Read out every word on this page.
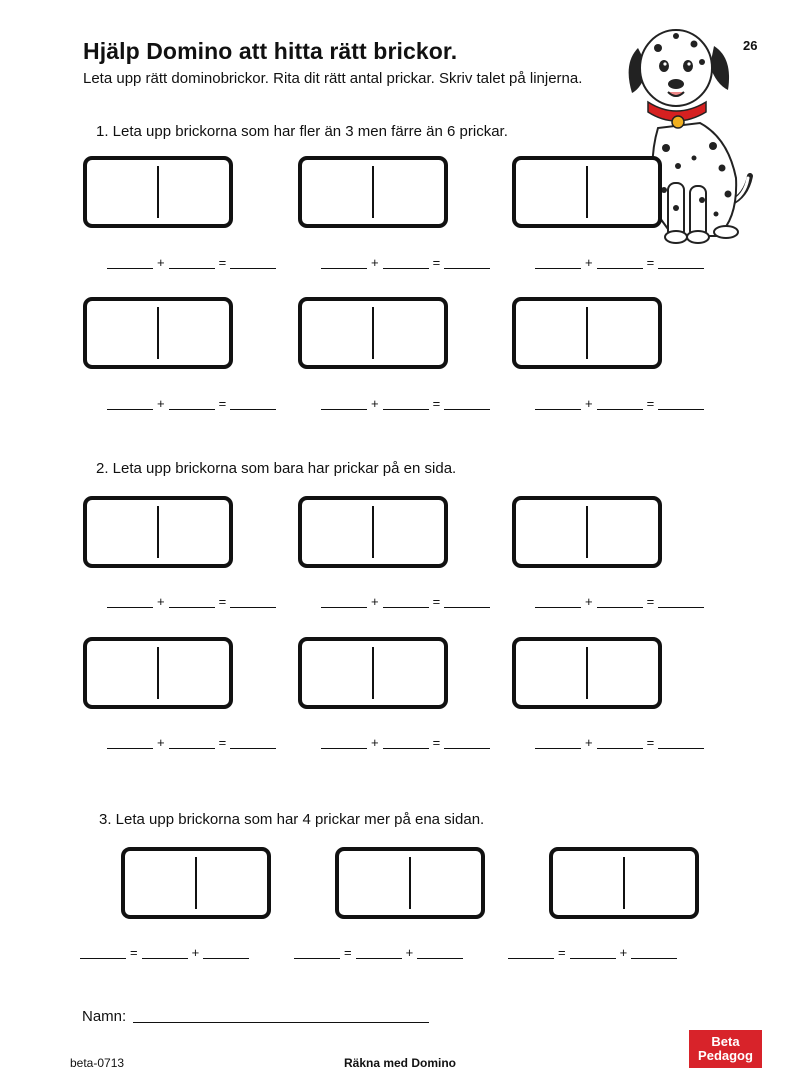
Hjälp Domino att hitta rätt brickor.

Leta upp rätt dominobrickor. Rita dit rätt antal prickar. Skriv talet på linjerna.

26

1. Leta upp brickorna som har fler än 3 men färre än 6 prickar.

+	=	+	=	+	=
+	=	+	=	+	=

2. Leta upp brickorna som bara har prickar på en sida.

+	=	+	=	+	=
+	=	+	=	+	=

3. Leta upp brickorna som har 4 prickar mer på ena sidan.

=	+	=	+	=	+
Namn:
beta-0713	Räkna med Domino
Beta
Pedagog
